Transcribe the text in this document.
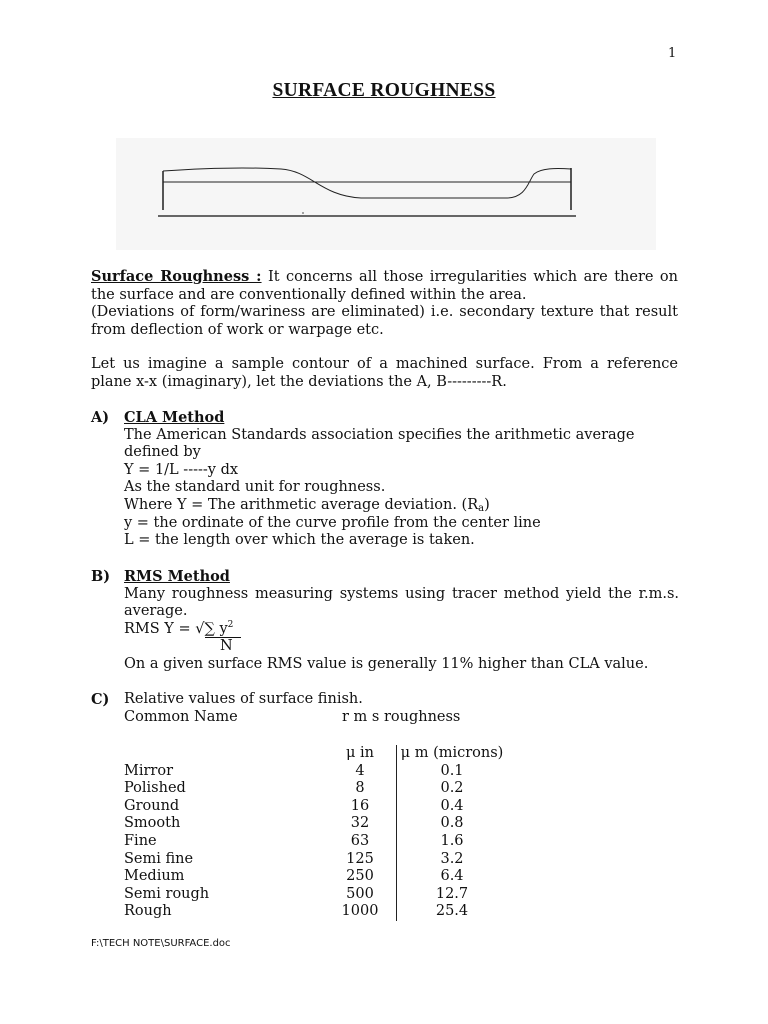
1
SURFACE ROUGHNESS

Surface Roughness : It concerns all those irregularities which are there on the surface and are conventionally defined within the area.

(Deviations of form/wariness are eliminated) i.e. secondary texture that result from deflection of work or warpage etc.

Let us imagine a sample contour of a machined surface. From a reference plane x-x (imaginary), let the deviations the A, B---------R.

A) CLA Method
The American Standards association specifies the arithmetic average
defined by
Y = 1/L -----y dx
As the standard unit for roughness.
Where Y = The arithmetic average deviation. $(R_a)$
y = the ordinate of the curve profile from the center line
L = the length over which the average is taken.
B) RMS Method
Many roughness measuring systems using tracer method yield the r.m.s. average.
RMS Y = √∑ $y^2$
N
On a given surface RMS value is generally 11% higher than CLA value.
C) Relative values of surface finish.
Common Name	r m s roughness
	μ in	μ m (microns)
Mirror	4	0.1
Polished	8	0.2
Ground	16	0.4
Smooth	32	0.8
Fine	63	1.6
Semi fine	125	3.2
Medium	250	6.4
Semi rough	500	12.7
Rough	1000	25.4
F:\TECH NOTE\SURFACE.doc
